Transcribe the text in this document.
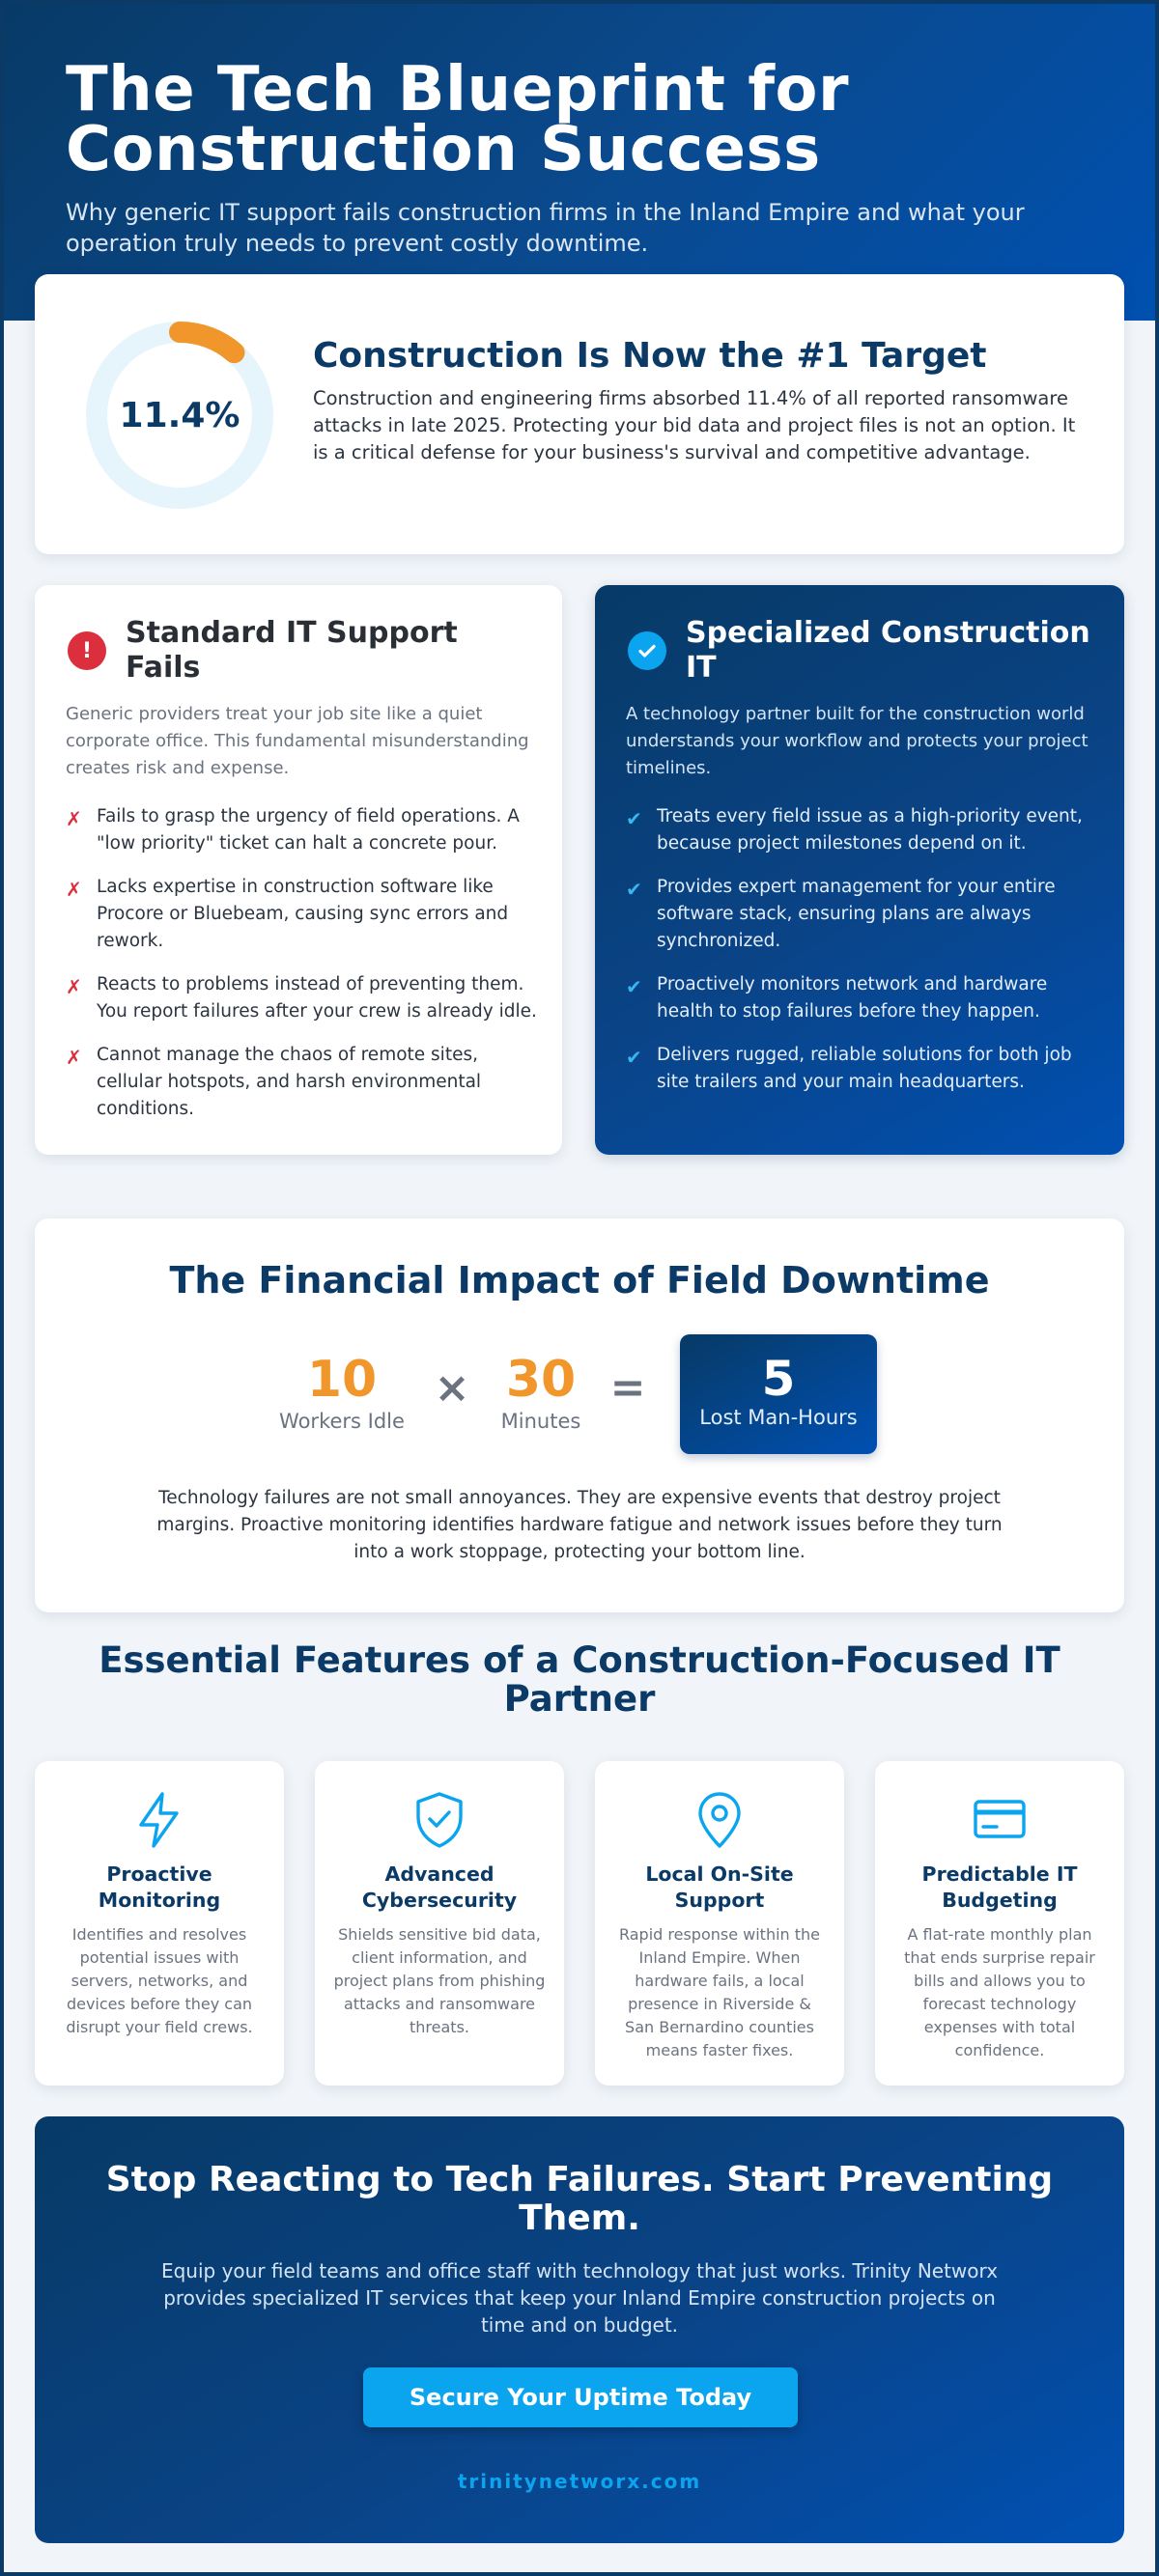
The Tech Blueprint for Construction Success

Why generic IT support fails construction firms in the Inland Empire and what your operation truly needs to prevent costly downtime.

11.4%
Construction Is Now the #1 Target

Construction and engineering firms absorbed 11.4% of all reported ransomware attacks in late 2025. Protecting your bid data and project files is not an option. It is a critical defense for your business's survival and competitive advantage.

!
Standard IT Support Fails

Generic providers treat your job site like a quiet corporate office. This fundamental misunderstanding creates risk and expense.

✗ Fails to grasp the urgency of field operations. A "low priority" ticket can halt a concrete pour.
✗ Lacks expertise in construction software like Procore or Bluebeam, causing sync errors and rework.
✗ Reacts to problems instead of preventing them. You report failures after your crew is already idle.
✗ Cannot manage the chaos of remote sites, cellular hotspots, and harsh environmental conditions.
Specialized Construction IT

A technology partner built for the construction world understands your workflow and protects your project timelines.

✔ Treats every field issue as a high-priority event, because project milestones depend on it.
✔ Provides expert management for your entire software stack, ensuring plans are always synchronized.
✔ Proactively monitors network and hardware health to stop failures before they happen.
✔ Delivers rugged, reliable solutions for both job site trailers and your main headquarters.
The Financial Impact of Field Downtime
10
Workers Idle
× 30
Minutes
=	5
Lost Man-Hours

Technology failures are not small annoyances. They are expensive events that destroy project margins. Proactive monitoring identifies hardware fatigue and network issues before they turn into a work stoppage, protecting your bottom line.

Essential Features of a Construction-Focused IT Partner
Proactive Monitoring

Identifies and resolves potential issues with servers, networks, and devices before they can disrupt your field crews.

Advanced Cybersecurity

Shields sensitive bid data, client information, and project plans from phishing attacks and ransomware threats.

Local On-Site Support

Rapid response within the Inland Empire. When hardware fails, a local presence in Riverside & San Bernardino counties means faster fixes.

Predictable IT Budgeting

A flat-rate monthly plan that ends surprise repair bills and allows you to forecast technology expenses with total confidence.

Stop Reacting to Tech Failures. Start Preventing Them.

Equip your field teams and office staff with technology that just works. Trinity Networx provides specialized IT services that keep your Inland Empire construction projects on time and on budget.

Secure Your Uptime Today
trinitynetworx.com
